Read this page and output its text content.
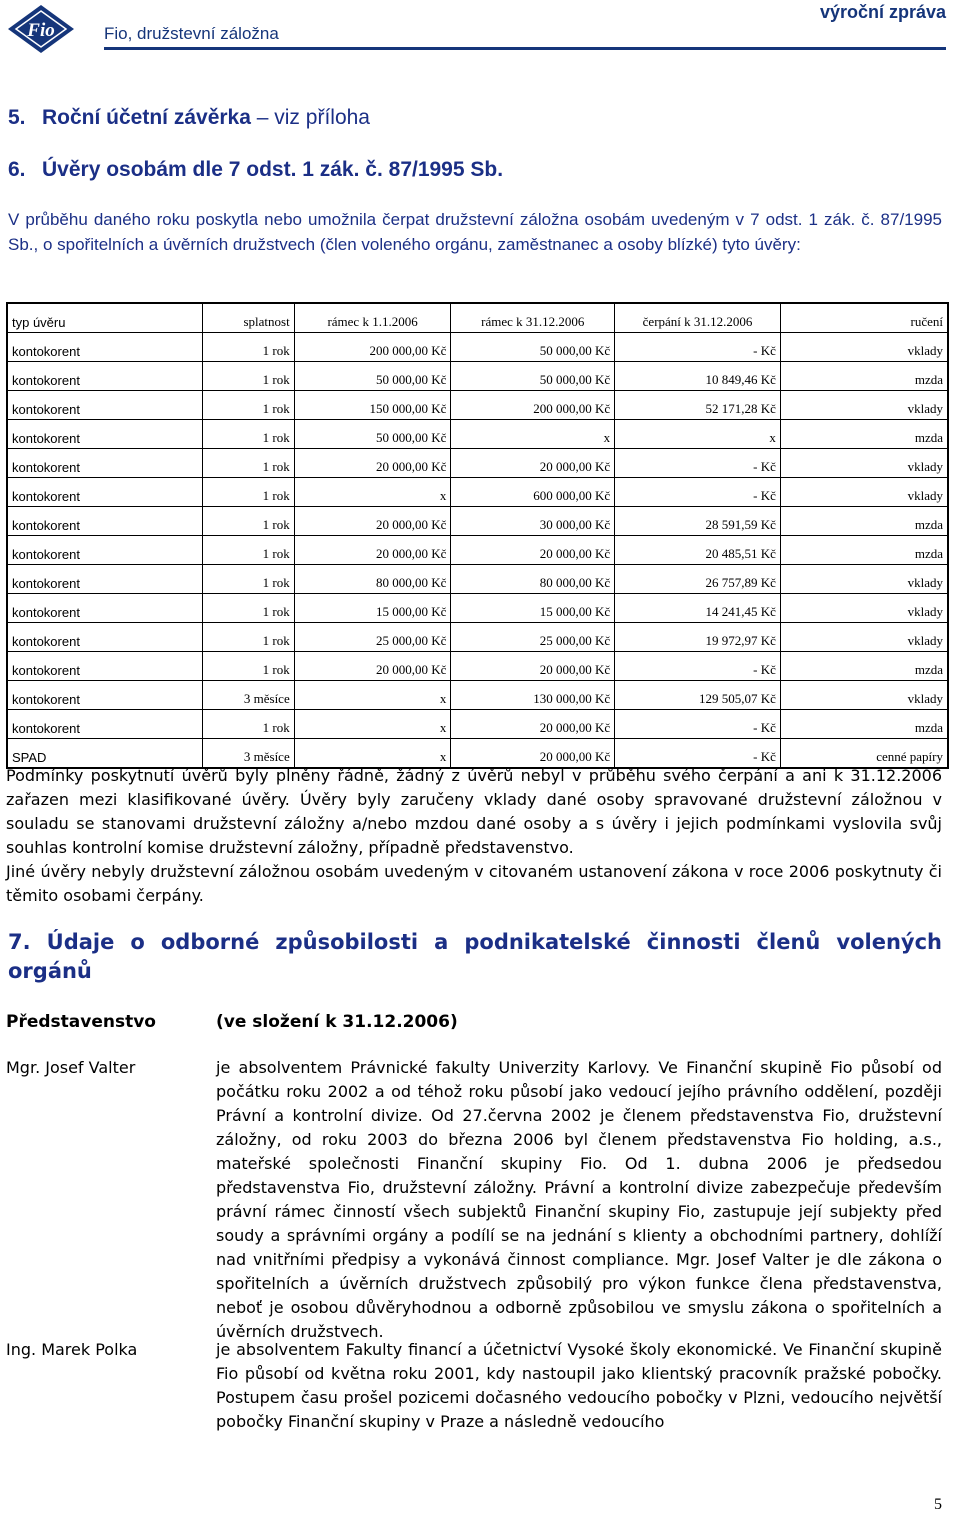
Fio	Fio, družstevní záložna
výroční zpráva
5. Roční účetní závěrka – viz příloha
6. Úvěry osobám dle 7 odst. 1 zák. č. 87/1995 Sb.
V průběhu daného roku poskytla nebo umožnila čerpat družstevní záložna osobám uvedeným v 7 odst. 1 zák. č. 87/1995 Sb., o spořitelních a úvěrních družstvech (člen voleného orgánu, zaměstnanec a osoby blízké) tyto úvěry:
typ úvěru	splatnost	rámec k 1.1.2006	rámec k 31.12.2006	čerpání k 31.12.2006	ručení
kontokorent	1 rok	200 000,00 Kč	50 000,00 Kč	- Kč	vklady
kontokorent	1 rok	50 000,00 Kč	50 000,00 Kč	10 849,46 Kč	mzda
kontokorent	1 rok	150 000,00 Kč	200 000,00 Kč	52 171,28 Kč	vklady
kontokorent	1 rok	50 000,00 Kč	x	x	mzda
kontokorent	1 rok	20 000,00 Kč	20 000,00 Kč	- Kč	vklady
kontokorent	1 rok	x	600 000,00 Kč	- Kč	vklady
kontokorent	1 rok	20 000,00 Kč	30 000,00 Kč	28 591,59 Kč	mzda
kontokorent	1 rok	20 000,00 Kč	20 000,00 Kč	20 485,51 Kč	mzda
kontokorent	1 rok	80 000,00 Kč	80 000,00 Kč	26 757,89 Kč	vklady
kontokorent	1 rok	15 000,00 Kč	15 000,00 Kč	14 241,45 Kč	vklady
kontokorent	1 rok	25 000,00 Kč	25 000,00 Kč	19 972,97 Kč	vklady
kontokorent	1 rok	20 000,00 Kč	20 000,00 Kč	- Kč	mzda
kontokorent	3 měsíce	x	130 000,00 Kč	129 505,07 Kč	vklady
kontokorent	1 rok	x	20 000,00 Kč	- Kč	mzda
SPAD	3 měsíce	x	20 000,00 Kč	- Kč	cenné papíry

Podmínky poskytnutí úvěrů byly plněny řádně, žádný z úvěrů nebyl v průběhu svého čerpání a ani k 31.12.2006 zařazen mezi klasifikované úvěry. Úvěry byly zaručeny vklady dané osoby spravované družstevní záložnou v souladu se stanovami družstevní záložny a/nebo mzdou dané osoby a s úvěry i jejich podmínkami vyslovila svůj souhlas kontrolní komise družstevní záložny, případně představenstvo.

Jiné úvěry nebyly družstevní záložnou osobám uvedeným v citovaném ustanovení zákona v roce 2006 poskytnuty či těmito osobami čerpány.

7. Údaje o odborné způsobilosti a podnikatelské činnosti členů volených orgánů
Představenstvo	(ve složení k 31.12.2006)
Mgr. Josef Valter	je absolventem Právnické fakulty Univerzity Karlovy. Ve Finanční skupině Fio působí od počátku roku 2002 a od téhož roku působí jako vedoucí jejího právního oddělení, později Právní a kontrolní divize. Od 27.června 2002 je členem představenstva Fio, družstevní záložny, od roku 2003 do března 2006 byl členem představenstva Fio holding, a.s., mateřské společnosti Finanční skupiny Fio. Od 1. dubna 2006 je předsedou představenstva Fio, družstevní záložny. Právní a kontrolní divize zabezpečuje především právní rámec činností všech subjektů Finanční skupiny Fio, zastupuje její subjekty před soudy a správními orgány a podílí se na jednání s klienty a obchodními partnery, dohlíží nad vnitřními předpisy a vykonává činnost compliance. Mgr. Josef Valter je dle zákona o spořitelních a úvěrních družstvech způsobilý pro výkon funkce člena představenstva, neboť je osobou důvěryhodnou a odborně způsobilou ve smyslu zákona o spořitelních a úvěrních družstvech.
Ing. Marek Polka	je absolventem Fakulty financí a účetnictví Vysoké školy ekonomické. Ve Finanční skupině Fio působí od května roku 2001, kdy nastoupil jako klientský pracovník pražské pobočky. Postupem času prošel pozicemi dočasného vedoucího pobočky v Plzni, vedoucího největší pobočky Finanční skupiny v Praze a následně vedoucího
5
